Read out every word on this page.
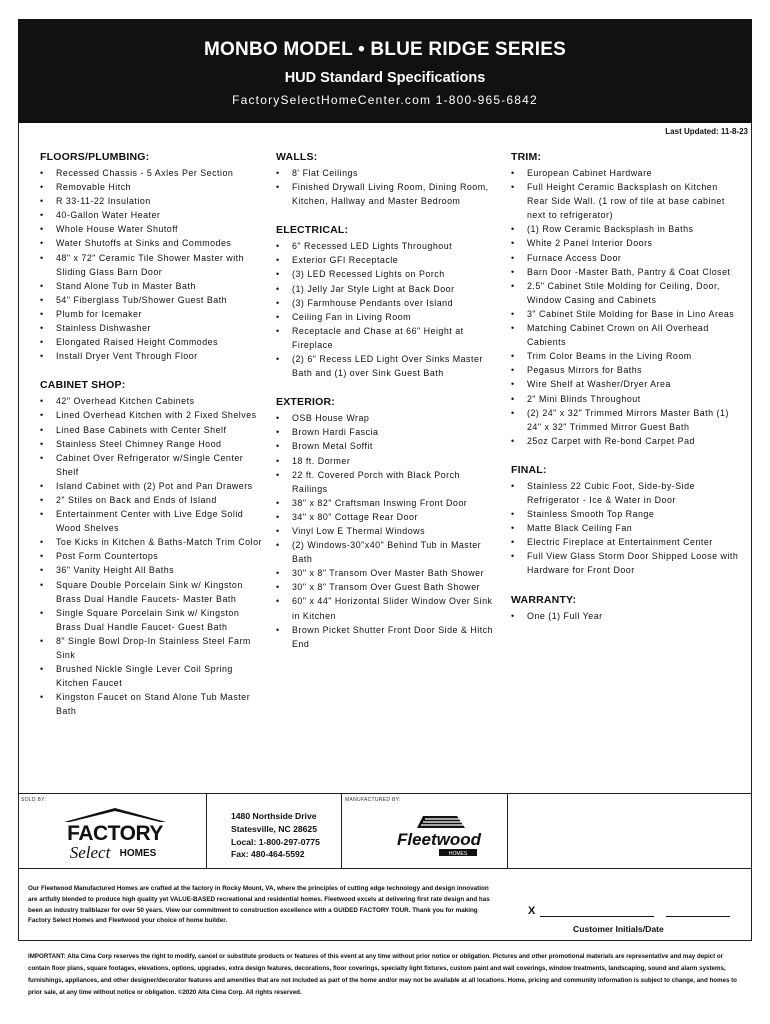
MONBO MODEL • BLUE RIDGE SERIES
HUD Standard Specifications
FactorySelectHomeCenter.com 1-800-965-6842
Last Updated: 11-8-23
FLOORS/PLUMBING:
• Recessed Chassis - 5 Axles Per Section
• Removable Hitch
• R 33-11-22 Insulation
• 40-Gallon Water Heater
• Whole House Water Shutoff
• Water Shutoffs at Sinks and Commodes
• 48" x 72" Ceramic Tile Shower Master with Sliding Glass Barn Door
• Stand Alone Tub in Master Bath
• 54" Fiberglass Tub/Shower Guest Bath
• Plumb for Icemaker
• Stainless Dishwasher
• Elongated Raised Height Commodes
• Install Dryer Vent Through Floor
CABINET SHOP:
• 42" Overhead Kitchen Cabinets
• Lined Overhead Kitchen with 2 Fixed Shelves
• Lined Base Cabinets with Center Shelf
• Stainless Steel Chimney Range Hood
• Cabinet Over Refrigerator w/Single Center Shelf
• Island Cabinet with (2) Pot and Pan Drawers
• 2" Stiles on Back and Ends of Island
• Entertainment Center with Live Edge Solid Wood Shelves
• Toe Kicks in Kitchen & Baths-Match Trim Color
• Post Form Countertops
• 36" Vanity Height All Baths
• Square Double Porcelain Sink w/ Kingston Brass Dual Handle Faucets- Master Bath
• Single Square Porcelain Sink w/ Kingston Brass Dual Handle Faucet- Guest Bath
• 8" Single Bowl Drop-In Stainless Steel Farm Sink
• Brushed Nickle Single Lever Coil Spring Kitchen Faucet
• Kingston Faucet on Stand Alone Tub Master Bath
WALLS:
• 8' Flat Ceilings
• Finished Drywall Living Room, Dining Room, Kitchen, Hallway and Master Bedroom
ELECTRICAL:
• 6" Recessed LED Lights Throughout
• Exterior GFI Receptacle
• (3) LED Recessed Lights on Porch
• (1) Jelly Jar Style Light at Back Door
• (3) Farmhouse Pendants over Island
• Ceiling Fan in Living Room
• Receptacle and Chase at 66" Height at Fireplace
• (2) 6" Recess LED Light Over Sinks Master Bath and (1) over Sink Guest Bath
EXTERIOR:
• OSB House Wrap
• Brown Hardi Fascia
• Brown Metal Soffit
• 18 ft. Dormer
• 22 ft. Covered Porch with Black Porch Railings
• 38" x 82" Craftsman Inswing Front Door
• 34" x 80" Cottage Rear Door
• Vinyl Low E Thermal Windows
• (2) Windows-30"x40" Behind Tub in Master Bath
• 30" x 8" Transom Over Master Bath Shower
• 30" x 8" Transom Over Guest Bath Shower
• 60" x 44" Horizontal Slider Window Over Sink in Kitchen
• Brown Picket Shutter Front Door Side & Hitch End
TRIM:
• European Cabinet Hardware
• Full Height Ceramic Backsplash on Kitchen Rear Side Wall. (1 row of tile at base cabinet next to refrigerator)
• (1) Row Ceramic Backsplash in Baths
• White 2 Panel Interior Doors
• Furnace Access Door
• Barn Door -Master Bath, Pantry & Coat Closet
• 2.5" Cabinet Stile Molding for Ceiling, Door, Window Casing and Cabinets
• 3" Cabinet Stile Molding for Base in Lino Areas
• Matching Cabinet Crown on All Overhead Cabients
• Trim Color Beams in the Living Room
• Pegasus Mirrors for Baths
• Wire Shelf at Washer/Dryer Area
• 2" Mini Blinds Throughout
• (2) 24" x 32" Trimmed Mirrors Master Bath (1) 24" x 32" Trimmed Mirror Guest Bath
• 25oz Carpet with Re-bond Carpet Pad
FINAL:
• Stainless 22 Cubic Foot, Side-by-Side Refrigerator - Ice & Water in Door
• Stainless Smooth Top Range
• Matte Black Ceiling Fan
• Electric Fireplace at Entertainment Center
• Full View Glass Storm Door Shipped Loose with Hardware for Front Door
WARRANTY:
• One (1) Full Year
SOLD BY:	MANUFACTURED BY:
FACTORY
Select HOMES
1480 Northside Drive
Statesville, NC 28625
Local: 1-800-297-0775
Fax: 480-464-5592
Fleetwood
HOMES
Our Fleetwood Manufactured Homes are crafted at the factory in Rocky Mount, VA, where the principles of cutting edge technology and design innovation are artfully blended to produce high quality yet VALUE-BASED recreational and residential homes. Fleetwood excels at delivering first rate design and has been an industry trailblazer for over 50 years. View our commitment to construction excellence with a GUIDED FACTORY TOUR. Thank you for making Factory Select Homes and Fleetwood your choice of home builder.
X
Customer Initials/Date
IMPORTANT: Alta Cima Corp reserves the right to modify, cancel or substitute products or features of this event at any time without prior notice or obligation. Pictures and other promotional materials are representative and may depict or contain floor plans, square footages, elevations, options, upgrades, extra design features, decorations, floor coverings, specialty light fixtures, custom paint and wall coverings, window treatments, landscaping, sound and alarm systems, furnishings, appliances, and other designer/decorator features and amenities that are not included as part of the home and/or may not be available at all locations. Home, pricing and community information is subject to change, and homes to prior sale, at any time without notice or obligation. ©2020 Alta Cima Corp. All rights reserved.
